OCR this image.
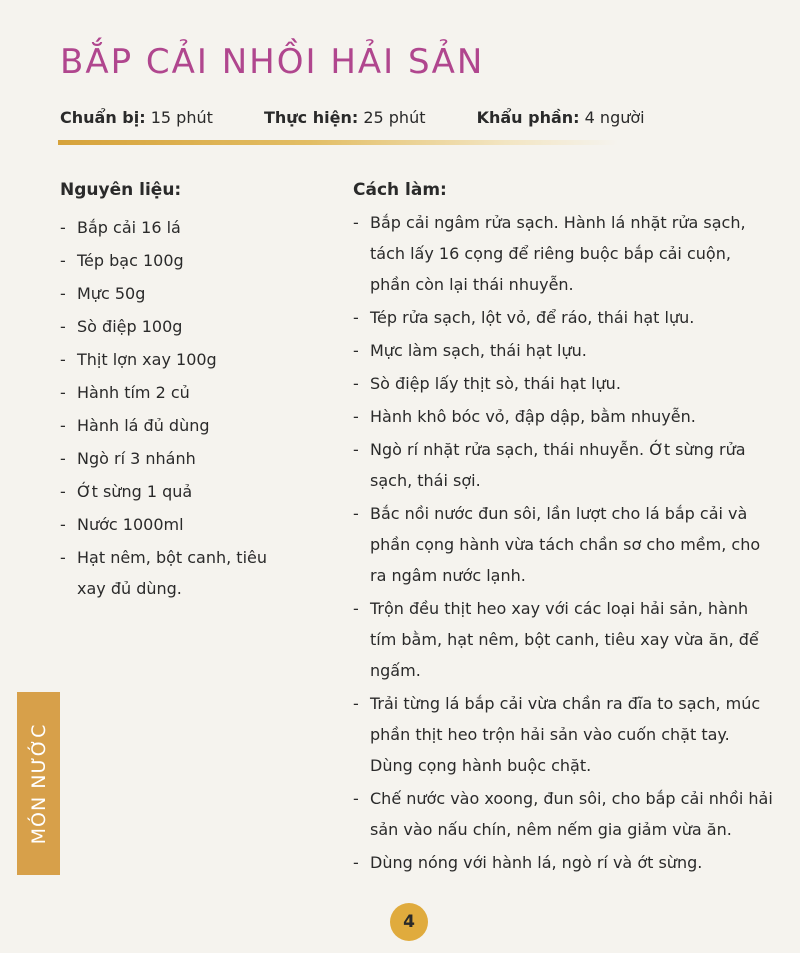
BẮP CẢI NHỒI HẢI SẢN
Chuẩn bị: 15 phút	Thực hiện: 25 phút	Khẩu phần: 4 người
Nguyên liệu:
- Bắp cải 16 lá
- Tép bạc 100g
- Mực 50g
- Sò điệp 100g
- Thịt lợn xay 100g
- Hành tím 2 củ
- Hành lá đủ dùng
- Ngò rí 3 nhánh
- Ớt sừng 1 quả
- Nước 1000ml
- Hạt nêm, bột canh, tiêu xay đủ dùng.
Cách làm:
- Bắp cải ngâm rửa sạch. Hành lá nhặt rửa sạch, tách lấy 16 cọng để riêng buộc bắp cải cuộn, phần còn lại thái nhuyễn.
- Tép rửa sạch, lột vỏ, để ráo, thái hạt lựu.
- Mực làm sạch, thái hạt lựu.
- Sò điệp lấy thịt sò, thái hạt lựu.
- Hành khô bóc vỏ, đập dập, bằm nhuyễn.
- Ngò rí nhặt rửa sạch, thái nhuyễn. Ớt sừng rửa sạch, thái sợi.
- Bắc nồi nước đun sôi, lần lượt cho lá bắp cải và phần cọng hành vừa tách chần sơ cho mềm, cho ra ngâm nước lạnh.
- Trộn đều thịt heo xay với các loại hải sản, hành tím bằm, hạt nêm, bột canh, tiêu xay vừa ăn, để ngấm.
- Trải từng lá bắp cải vừa chần ra đĩa to sạch, múc phần thịt heo trộn hải sản vào cuốn chặt tay. Dùng cọng hành buộc chặt.
- Chế nước vào xoong, đun sôi, cho bắp cải nhồi hải sản vào nấu chín, nêm nếm gia giảm vừa ăn.
- Dùng nóng với hành lá, ngò rí và ớt sừng.
MÓN NƯỚC
4
